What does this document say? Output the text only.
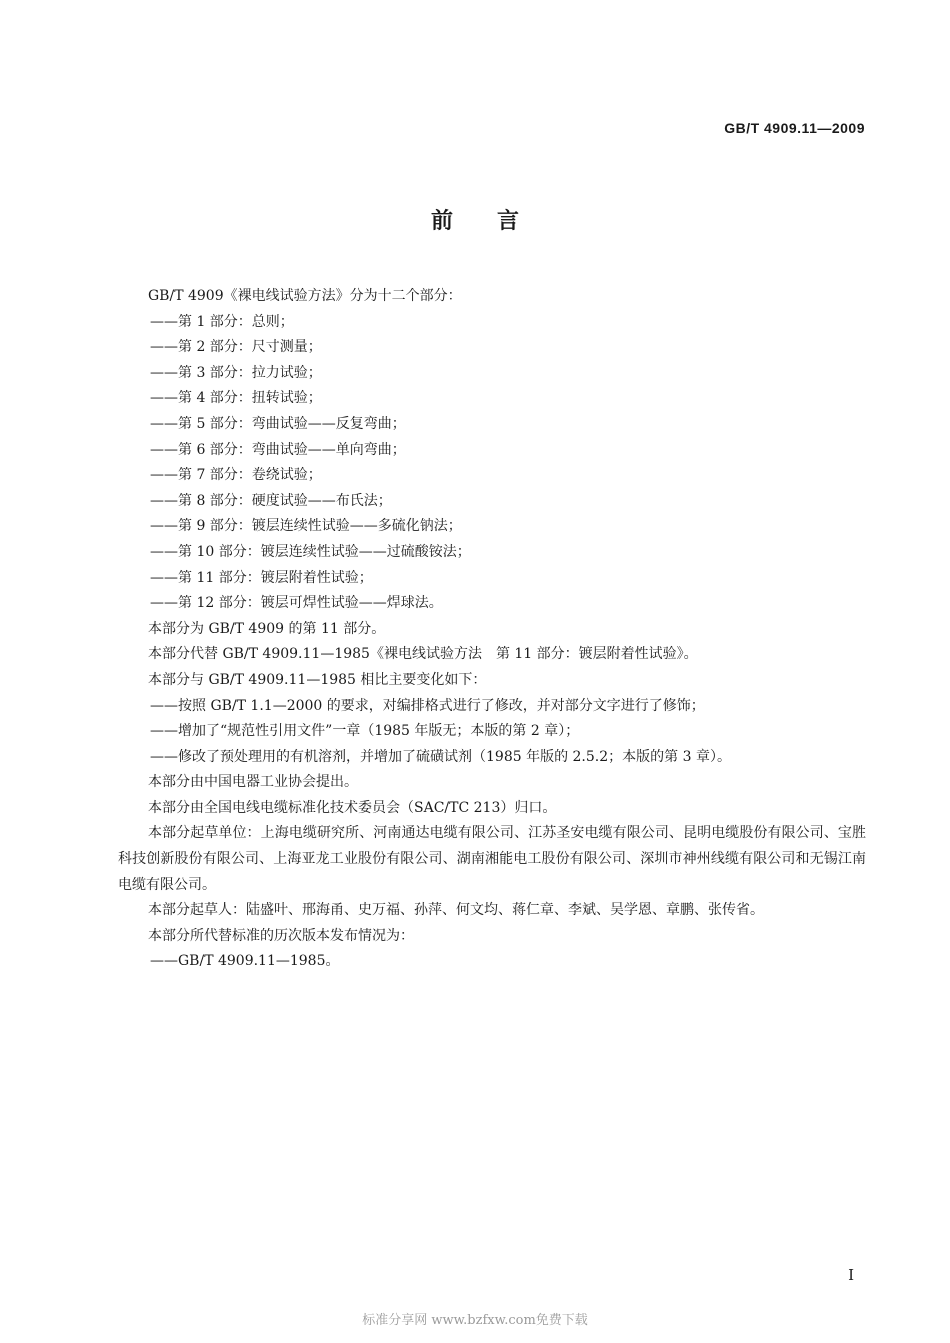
GB/T 4909.11—2009
前言
GB/T 4909《裸电线试验方法》分为十二个部分：
——第 1 部分：总则；
——第 2 部分：尺寸测量；
——第 3 部分：拉力试验；
——第 4 部分：扭转试验；
——第 5 部分：弯曲试验——反复弯曲；
——第 6 部分：弯曲试验——单向弯曲；
——第 7 部分：卷绕试验；
——第 8 部分：硬度试验——布氏法；
——第 9 部分：镀层连续性试验——多硫化钠法；
——第 10 部分：镀层连续性试验——过硫酸铵法；
——第 11 部分：镀层附着性试验；
——第 12 部分：镀层可焊性试验——焊球法。
本部分为 GB/T 4909 的第 11 部分。
本部分代替 GB/T 4909.11—1985《裸电线试验方法　第 11 部分：镀层附着性试验》。
本部分与 GB/T 4909.11—1985 相比主要变化如下：
——按照 GB/T 1.1—2000 的要求，对编排格式进行了修改，并对部分文字进行了修饰；
——增加了“规范性引用文件”一章（1985 年版无；本版的第 2 章）；
——修改了预处理用的有机溶剂，并增加了硫磺试剂（1985 年版的 2.5.2；本版的第 3 章）。
本部分由中国电器工业协会提出。
本部分由全国电线电缆标准化技术委员会（SAC/TC 213）归口。
本部分起草单位：上海电缆研究所、河南通达电缆有限公司、江苏圣安电缆有限公司、昆明电缆股份有限公司、宝胜科技创新股份有限公司、上海亚龙工业股份有限公司、湖南湘能电工股份有限公司、深圳市神州线缆有限公司和无锡江南电缆有限公司。
本部分起草人：陆盛叶、邢海甬、史万福、孙萍、何文均、蒋仁章、李斌、吴学恩、章鹏、张传省。
本部分所代替标准的历次版本发布情况为：
——GB/T 4909.11—1985。
I
标准分享网 www.bzfxw.com免费下载
